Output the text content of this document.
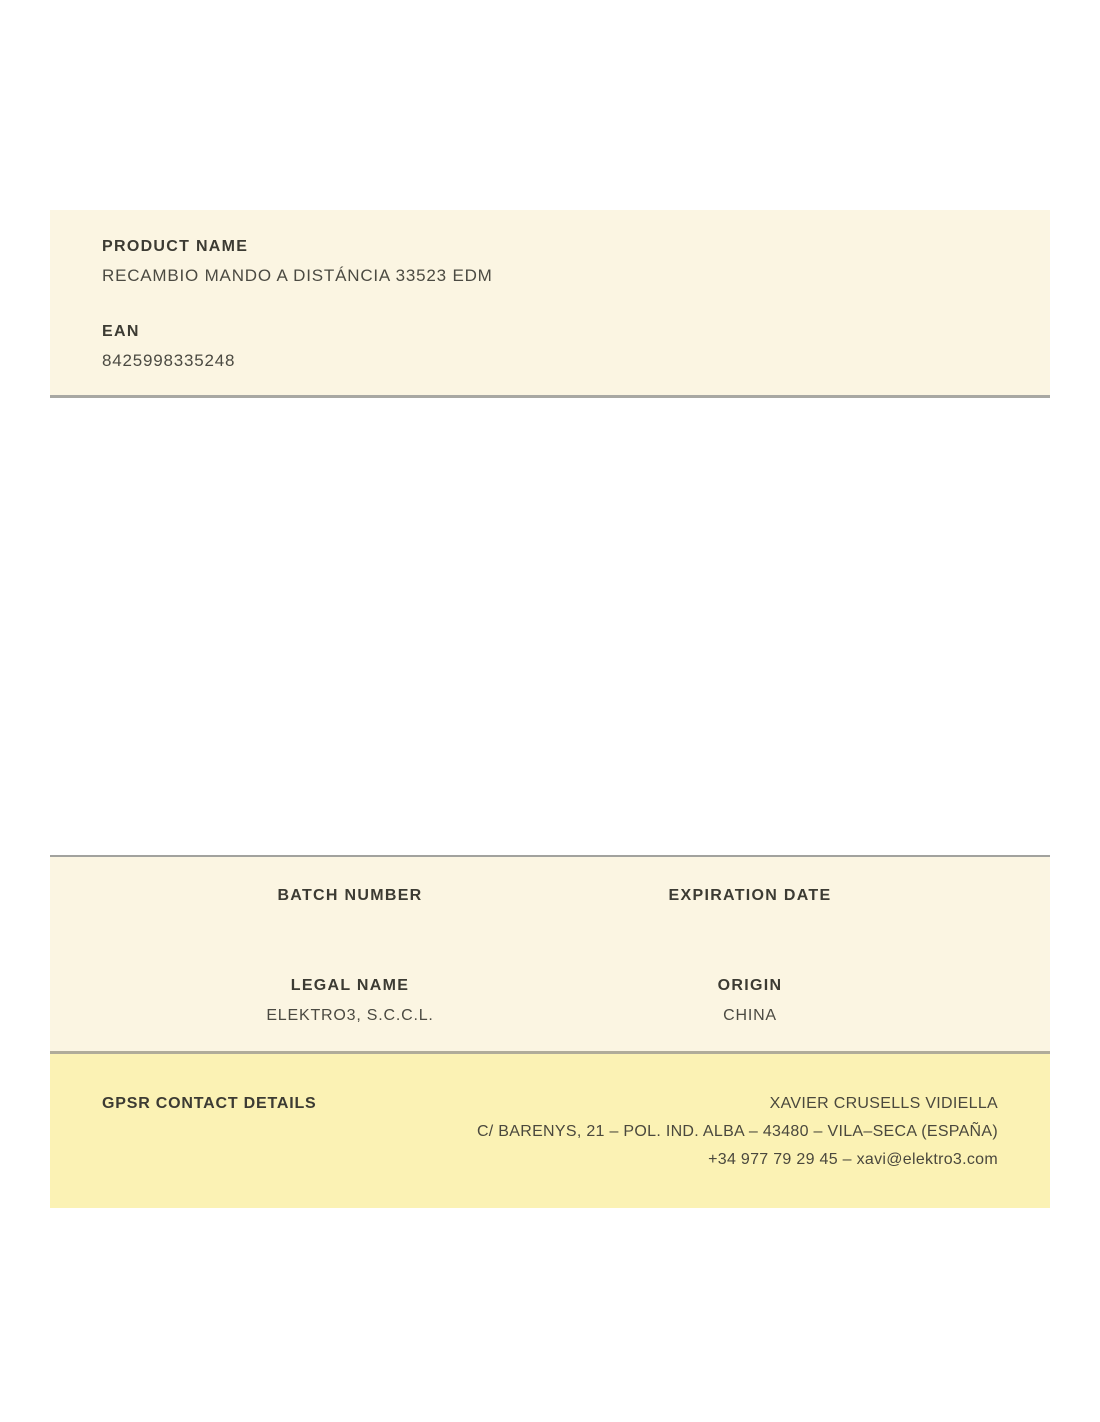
PRODUCT NAME
RECAMBIO MANDO A DISTÁNCIA 33523 EDM
EAN
8425998335248
BATCH NUMBER	EXPIRATION DATE
LEGAL NAME
ELEKTRO3, S.C.C.L.
ORIGIN
CHINA
GPSR CONTACT DETAILS	XAVIER CRUSELLS VIDIELLA
C/ BARENYS, 21 – POL. IND. ALBA – 43480 – VILA–SECA (ESPAÑA)
+34 977 79 29 45 – xavi@elektro3.com
